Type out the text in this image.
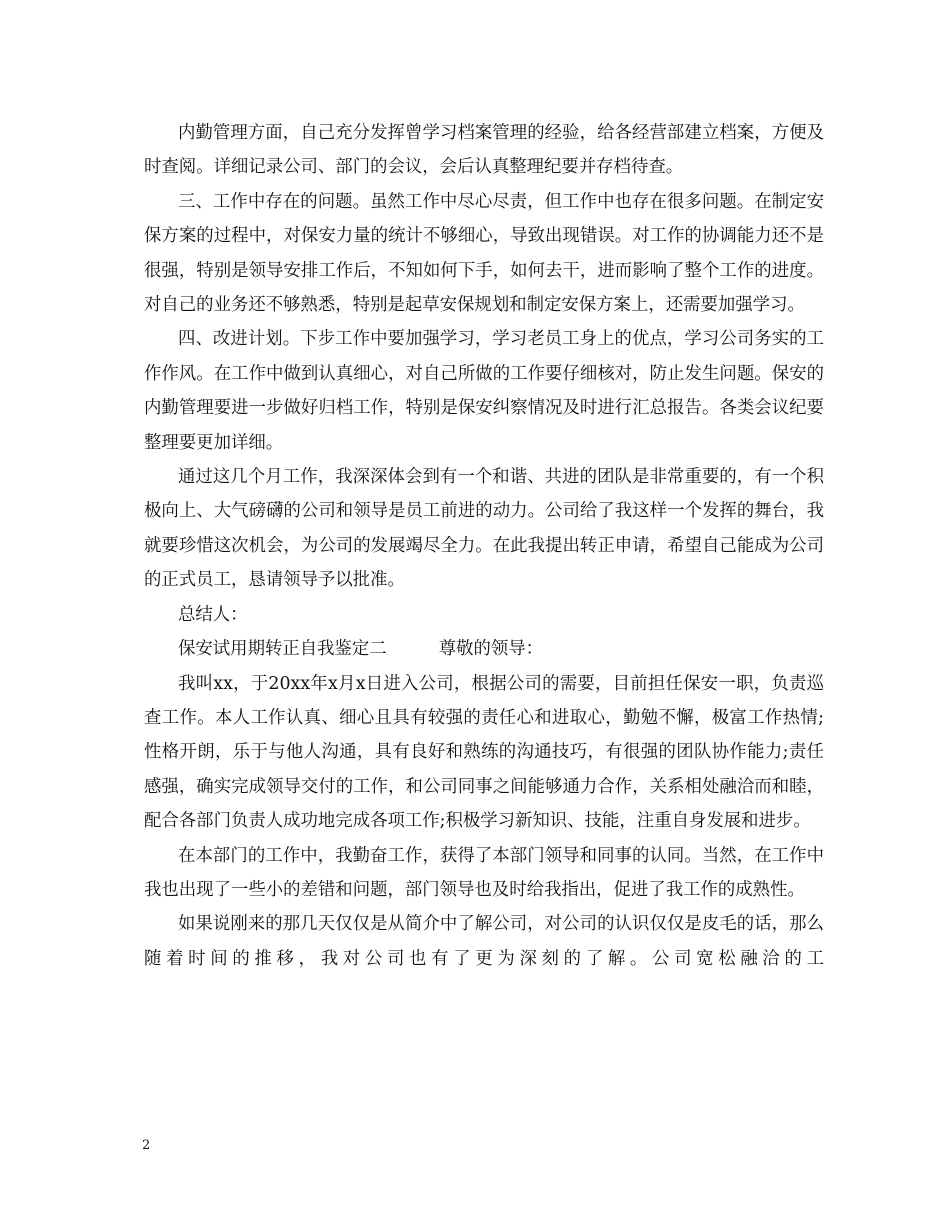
内勤管理方面，自己充分发挥曾学习档案管理的经验，给各经营部建立档案，方便及时查阅。详细记录公司、部门的会议，会后认真整理纪要并存档待查。

三、工作中存在的问题。虽然工作中尽心尽责，但工作中也存在很多问题。在制定安保方案的过程中，对保安力量的统计不够细心，导致出现错误。对工作的协调能力还不是很强，特别是领导安排工作后，不知如何下手，如何去干，进而影响了整个工作的进度。对自己的业务还不够熟悉，特别是起草安保规划和制定安保方案上，还需要加强学习。

四、改进计划。下步工作中要加强学习，学习老员工身上的优点，学习公司务实的工作作风。在工作中做到认真细心，对自己所做的工作要仔细核对，防止发生问题。保安的内勤管理要进一步做好归档工作，特别是保安纠察情况及时进行汇总报告。各类会议纪要整理要更加详细。

通过这几个月工作，我深深体会到有一个和谐、共进的团队是非常重要的，有一个积极向上、大气磅礴的公司和领导是员工前进的动力。公司给了我这样一个发挥的舞台，我就要珍惜这次机会，为公司的发展竭尽全力。在此我提出转正申请，希望自己能成为公司的正式员工，恳请领导予以批准。

总结人：

保安试用期转正自我鉴定二	尊敬的领导：

我叫xx，于20xx年x月x日进入公司，根据公司的需要，目前担任保安一职，负责巡查工作。本人工作认真、细心且具有较强的责任心和进取心，勤勉不懈，极富工作热情;性格开朗，乐于与他人沟通，具有良好和熟练的沟通技巧，有很强的团队协作能力;责任感强，确实完成领导交付的工作，和公司同事之间能够通力合作，关系相处融洽而和睦，配合各部门负责人成功地完成各项工作;积极学习新知识、技能，注重自身发展和进步。

在本部门的工作中，我勤奋工作，获得了本部门领导和同事的认同。当然，在工作中我也出现了一些小的差错和问题，部门领导也及时给我指出，促进了我工作的成熟性。

如果说刚来的那几天仅仅是从简介中了解公司，对公司的认识仅仅是皮毛的话，那么随着时间的推移，我对公司也有了更为深刻的了解。公司宽松融洽的工

2
